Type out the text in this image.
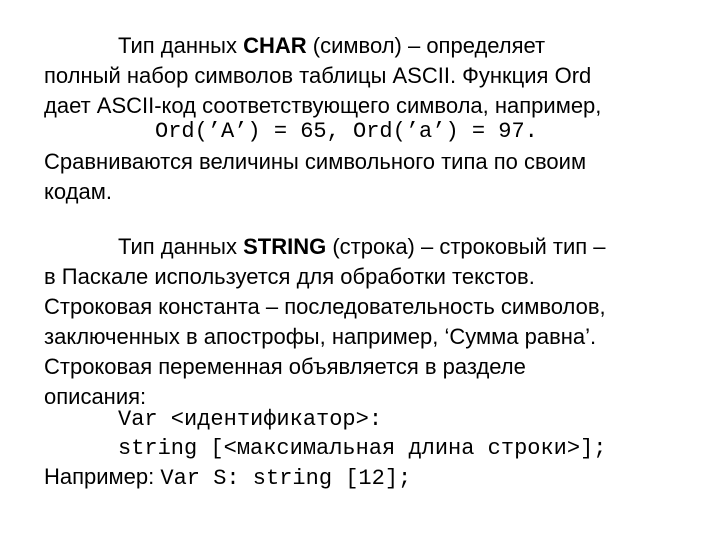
Тип данных CHAR (символ) – определяет
полный набор символов таблицы ASCII. Функция Ord
дает ASCII-код соответствующего символа, например,
Ord(’A’) = 65, Ord(’a’) = 97.
Сравниваются величины символьного типа по своим
кодам.
Тип данных STRING (строка) – строковый тип –
в Паскале используется для обработки текстов.
Строковая константа – последовательность символов,
заключенных в апострофы, например, ‘Сумма равна’.
Строковая переменная объявляется в разделе
описания:
Var <идентификатор>:
string [<максимальная длина строки>];
Например: Var S: string [12];
